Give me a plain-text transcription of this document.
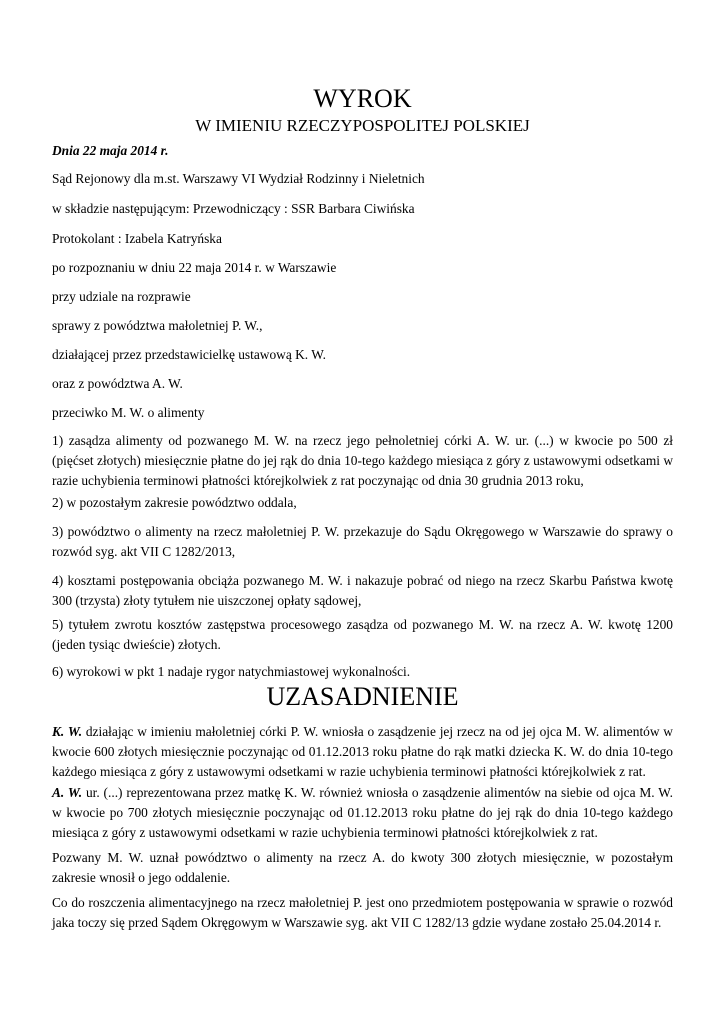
WYROK
W IMIENIU RZECZYPOSPOLITEJ POLSKIEJ

Dnia 22 maja 2014 r.

Sąd Rejonowy dla m.st. Warszawy VI Wydział Rodzinny i Nieletnich

w składzie następującym: Przewodniczący : SSR Barbara Ciwińska

Protokolant : Izabela Katryńska

po rozpoznaniu w dniu 22 maja 2014 r. w Warszawie

przy udziale na rozprawie

sprawy z powództwa małoletniej P. W.,

działającej przez przedstawicielkę ustawową K. W.

oraz z powództwa A. W.

przeciwko M. W. o alimenty

1) zasądza alimenty od pozwanego M. W. na rzecz jego pełnoletniej córki A. W. ur. (...) w kwocie po 500 zł (pięćset złotych) miesięcznie płatne do jej rąk do dnia 10-tego każdego miesiąca z góry z ustawowymi odsetkami w razie uchybienia terminowi płatności którejkolwiek z rat poczynając od dnia 30 grudnia 2013 roku,

2) w pozostałym zakresie powództwo oddala,

3) powództwo o alimenty na rzecz małoletniej P. W. przekazuje do Sądu Okręgowego w Warszawie do sprawy o rozwód syg. akt VII C 1282/2013,

4) kosztami postępowania obciąża pozwanego M. W. i nakazuje pobrać od niego na rzecz Skarbu Państwa kwotę 300 (trzysta) złoty tytułem nie uiszczonej opłaty sądowej,

5) tytułem zwrotu kosztów zastępstwa procesowego zasądza od pozwanego M. W. na rzecz A. W. kwotę 1200 (jeden tysiąc dwieście) złotych.

6) wyrokowi w pkt 1 nadaje rygor natychmiastowej wykonalności.

UZASADNIENIE

K. W. działając w imieniu małoletniej córki P. W. wniosła o zasądzenie jej rzecz na od jej ojca M. W. alimentów w kwocie 600 złotych miesięcznie poczynając od 01.12.2013 roku płatne do rąk matki dziecka K. W. do dnia 10-tego każdego miesiąca z góry z ustawowymi odsetkami w razie uchybienia terminowi płatności którejkolwiek z rat.

A. W. ur. (...) reprezentowana przez matkę K. W. również wniosła o zasądzenie alimentów na siebie od ojca M. W. w kwocie po 700 złotych miesięcznie poczynając od 01.12.2013 roku płatne do jej rąk do dnia 10-tego każdego miesiąca z góry z ustawowymi odsetkami w razie uchybienia terminowi płatności którejkolwiek z rat.

Pozwany M. W. uznał powództwo o alimenty na rzecz A. do kwoty 300 złotych miesięcznie, w pozostałym zakresie wnosił o jego oddalenie.

Co do roszczenia alimentacyjnego na rzecz małoletniej P. jest ono przedmiotem postępowania w sprawie o rozwód jaka toczy się przed Sądem Okręgowym w Warszawie syg. akt VII C 1282/13 gdzie wydane zostało 25.04.2014 r.
